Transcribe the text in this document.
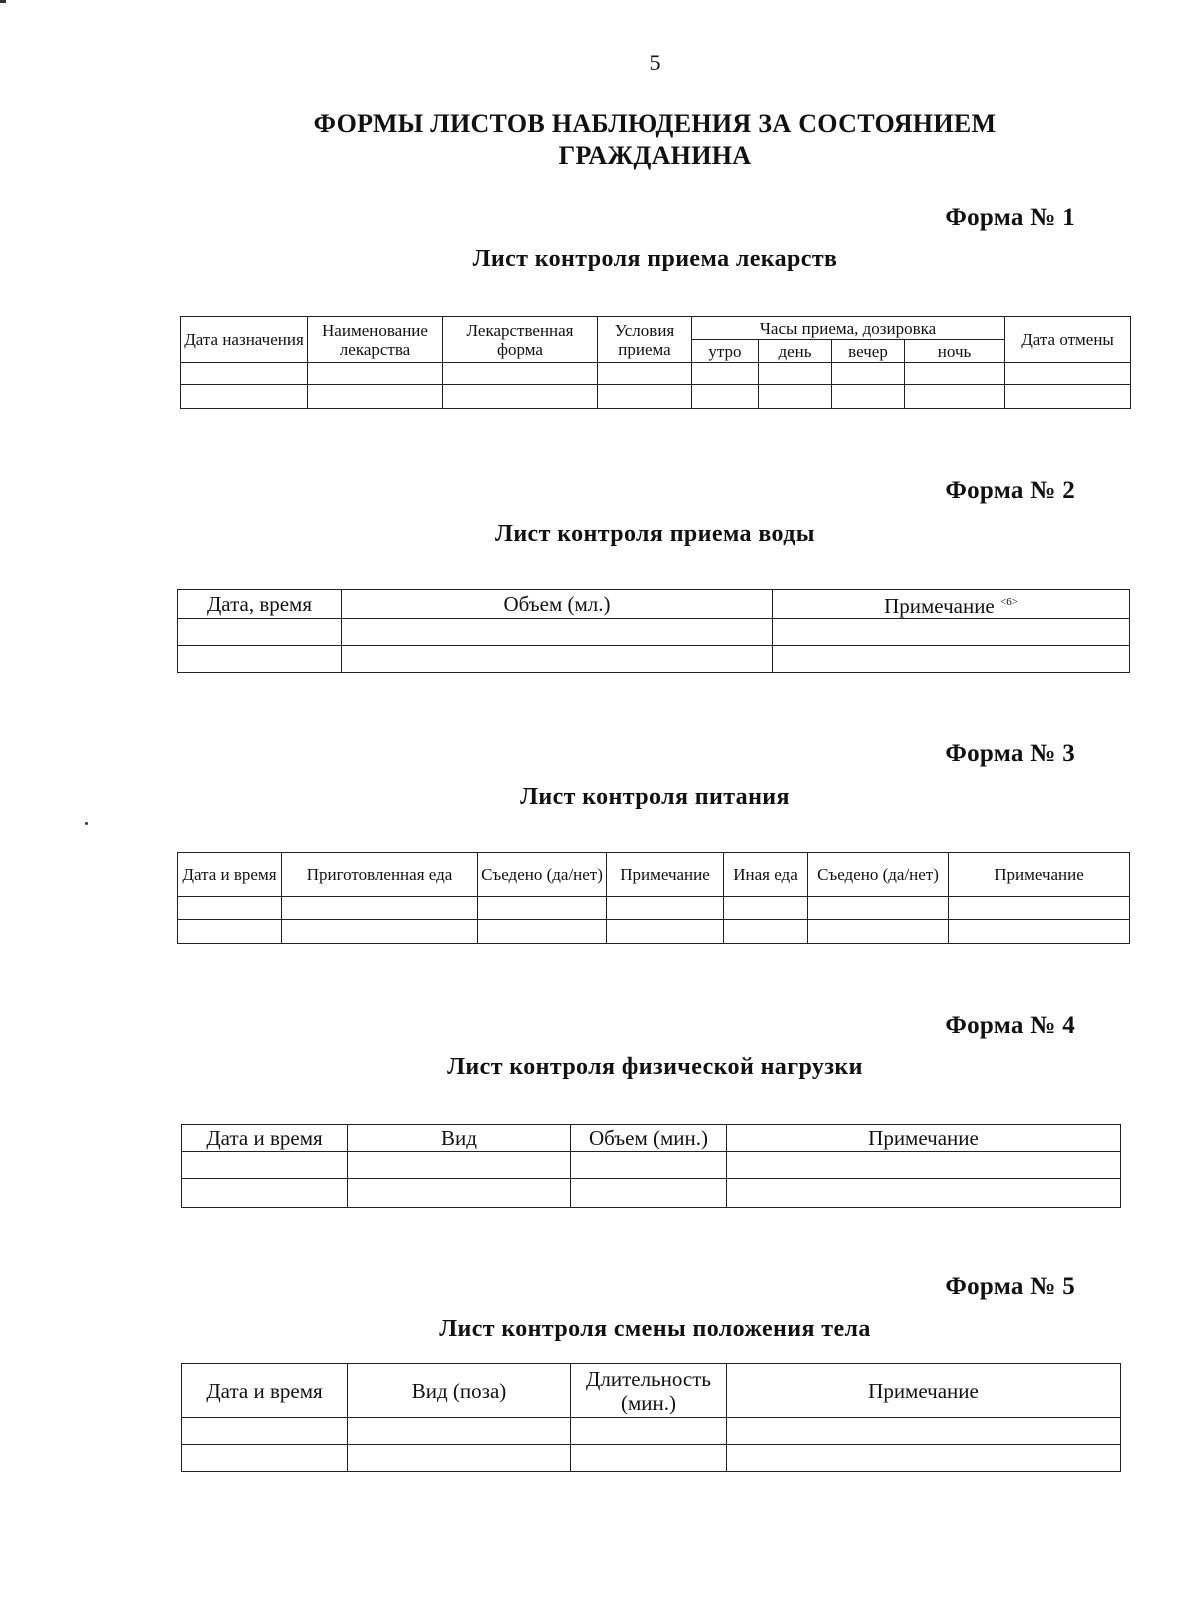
5
ФОРМЫ ЛИСТОВ НАБЛЮДЕНИЯ ЗА СОСТОЯНИЕМ
ГРАЖДАНИНА
Форма № 1
Лист контроля приема лекарств
Дата назначения	Наименование лекарства	Лекарственная форма	Условия приема	Часы приема, дозировка				Дата отмены
				утро	день	вечер	ночь	

Форма № 2
Лист контроля приема воды
Дата, время	Объем (мл.)	Примечание $^{<6>}$

Форма № 3
Лист контроля питания
Дата и время	Приготовленная еда	Съедено (да/нет)	Примечание	Иная еда	Съедено (да/нет)	Примечание

Форма № 4
Лист контроля физической нагрузки
Дата и время	Вид	Объем (мин.)	Примечание

Форма № 5
Лист контроля смены положения тела
Дата и время	Вид (поза)	Длительность (мин.)	Примечание
